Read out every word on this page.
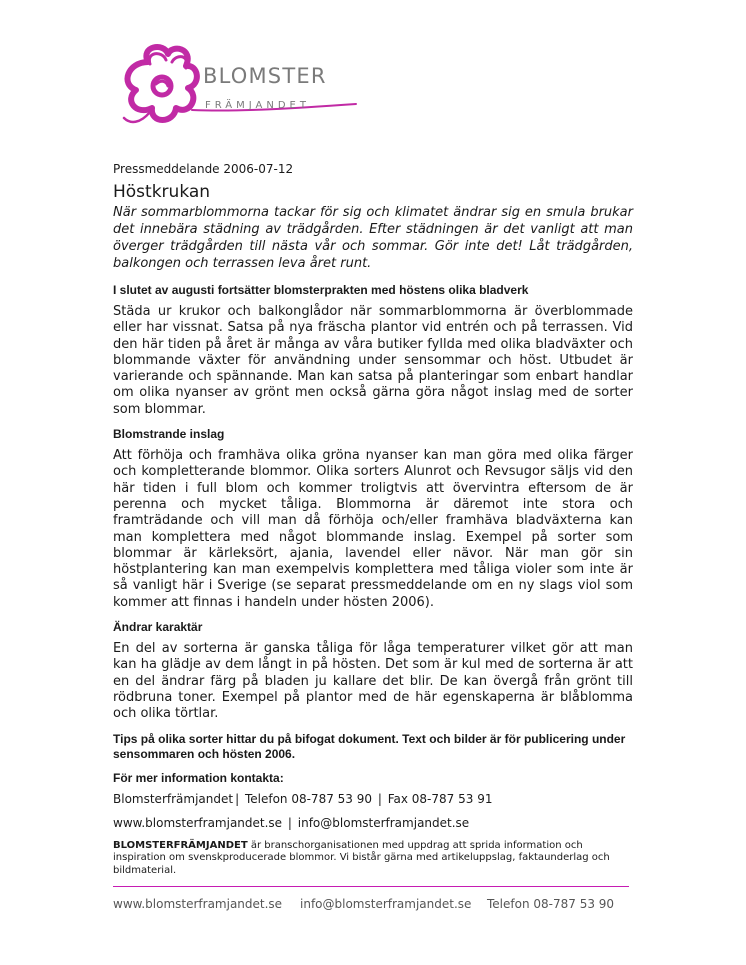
BLOMSTER
FRÄMJANDET

Pressmeddelande 2006-07-12

Höstkrukan

När sommarblommorna tackar för sig och klimatet ändrar sig en smula brukar det innebära städning av trädgården. Efter städningen är det vanligt att man överger trädgården till nästa vår och sommar. Gör inte det! Låt trädgården, balkongen och terrassen leva året runt.

I slutet av augusti fortsätter blomsterprakten med höstens olika bladverk

Städa ur krukor och balkonglådor när sommarblommorna är överblommade eller har vissnat. Satsa på nya fräscha plantor vid entrén och på terrassen. Vid den här tiden på året är många av våra butiker fyllda med olika bladväxter och blommande växter för användning under sensommar och höst. Utbudet är varierande och spännande. Man kan satsa på planteringar som enbart handlar om olika nyanser av grönt men också gärna göra något inslag med de sorter som blommar.

Blomstrande inslag

Att förhöja och framhäva olika gröna nyanser kan man göra med olika färger och kompletterande blommor. Olika sorters Alunrot och Revsugor säljs vid den här tiden i full blom och kommer troligtvis att övervintra eftersom de är perenna och mycket tåliga. Blommorna är däremot inte stora och framträdande och vill man då förhöja och/eller framhäva bladväxterna kan man komplettera med något blommande inslag. Exempel på sorter som blommar är kärleksört, ajania, lavendel eller nävor. När man gör sin höstplantering kan man exempelvis komplettera med tåliga violer som inte är så vanligt här i Sverige (se separat pressmeddelande om en ny slags viol som kommer att finnas i handeln under hösten 2006).

Ändrar karaktär

En del av sorterna är ganska tåliga för låga temperaturer vilket gör att man kan ha glädje av dem långt in på hösten. Det som är kul med de sorterna är att en del ändrar färg på bladen ju kallare det blir. De kan övergå från grönt till rödbruna toner. Exempel på plantor med de här egenskaperna är blåblomma och olika törtlar.

Tips på olika sorter hittar du på bifogat dokument. Text och bilder är för publicering under sensommaren och hösten 2006.

För mer information kontakta:

Blomsterfrämjandet | Telefon 08-787 53 90 | Fax 08-787 53 91

www.blomsterframjandet.se | info@blomsterframjandet.se

BLOMSTERFRÄMJANDET är branschorganisationen med uppdrag att sprida information och inspiration om svenskproducerade blommor. Vi bistår gärna med artikeluppslag, faktaunderlag och bildmaterial.

www.blomsterframjandet.se info@blomsterframjandet.se Telefon 08-787 53 90
